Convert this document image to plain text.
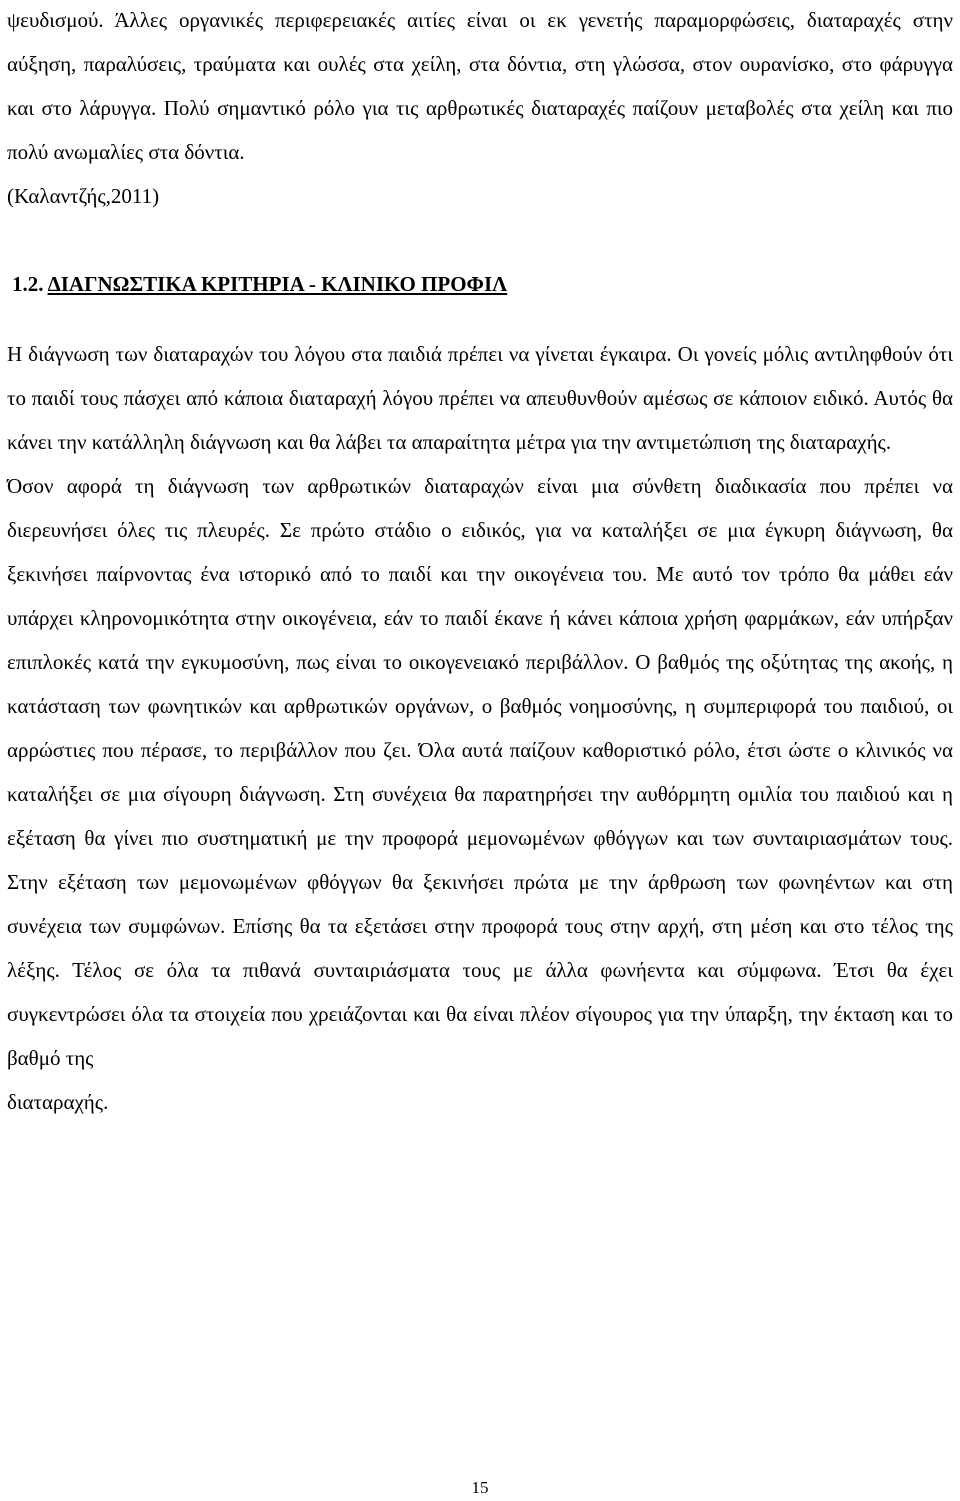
ψευδισμού. Άλλες οργανικές περιφερειακές αιτίες είναι οι εκ γενετής παραμορφώσεις, διαταραχές στην αύξηση, παραλύσεις, τραύματα και ουλές στα χείλη, στα δόντια, στη γλώσσα, στον ουρανίσκο, στο φάρυγγα και στο λάρυγγα. Πολύ σημαντικό ρόλο για τις αρθρωτικές διαταραχές παίζουν μεταβολές στα χείλη και πιο πολύ ανωμαλίες στα δόντια.
(Καλαντζής,2011)
1.2. ΔΙΑΓΝΩΣΤΙΚΑ ΚΡΙΤΗΡΙΑ - ΚΛΙΝΙΚΟ ΠΡΟΦΙΛ
Η διάγνωση των διαταραχών του λόγου στα παιδιά πρέπει να γίνεται έγκαιρα. Οι γονείς μόλις αντιληφθούν ότι το παιδί τους πάσχει από κάποια διαταραχή λόγου πρέπει να απευθυνθούν αμέσως σε κάποιον ειδικό. Αυτός θα κάνει την κατάλληλη διάγνωση και θα λάβει τα απαραίτητα μέτρα για την αντιμετώπιση της διαταραχής.
Όσον αφορά τη διάγνωση των αρθρωτικών διαταραχών είναι μια σύνθετη διαδικασία που πρέπει να διερευνήσει όλες τις πλευρές. Σε πρώτο στάδιο ο ειδικός, για να καταλήξει σε μια έγκυρη διάγνωση, θα ξεκινήσει παίρνοντας ένα ιστορικό από το παιδί και την οικογένεια του. Με αυτό τον τρόπο θα μάθει εάν υπάρχει κληρονομικότητα στην οικογένεια, εάν το παιδί έκανε ή κάνει κάποια χρήση φαρμάκων, εάν υπήρξαν επιπλοκές κατά την εγκυμοσύνη, πως είναι το οικογενειακό περιβάλλον. Ο βαθμός της οξύτητας της ακοής, η κατάσταση των φωνητικών και αρθρωτικών οργάνων, ο βαθμός νοημοσύνης, η συμπεριφορά του παιδιού, οι αρρώστιες που πέρασε, το περιβάλλον που ζει. Όλα αυτά παίζουν καθοριστικό ρόλο, έτσι ώστε ο κλινικός να καταλήξει σε μια σίγουρη διάγνωση. Στη συνέχεια θα παρατηρήσει την αυθόρμητη ομιλία του παιδιού και η εξέταση θα γίνει πιο συστηματική με την προφορά μεμονωμένων φθόγγων και των συνταιριασμάτων τους. Στην εξέταση των μεμονωμένων φθόγγων θα ξεκινήσει πρώτα με την άρθρωση των φωνηέντων και στη συνέχεια των συμφώνων. Επίσης θα τα εξετάσει στην προφορά τους στην αρχή, στη μέση και στο τέλος της λέξης. Τέλος σε όλα τα πιθανά συνταιριάσματα τους με άλλα φωνήεντα και σύμφωνα. Έτσι θα έχει συγκεντρώσει όλα τα στοιχεία που χρειάζονται και θα είναι πλέον σίγουρος για την ύπαρξη, την έκταση και το βαθμό της
διαταραχής.
15
